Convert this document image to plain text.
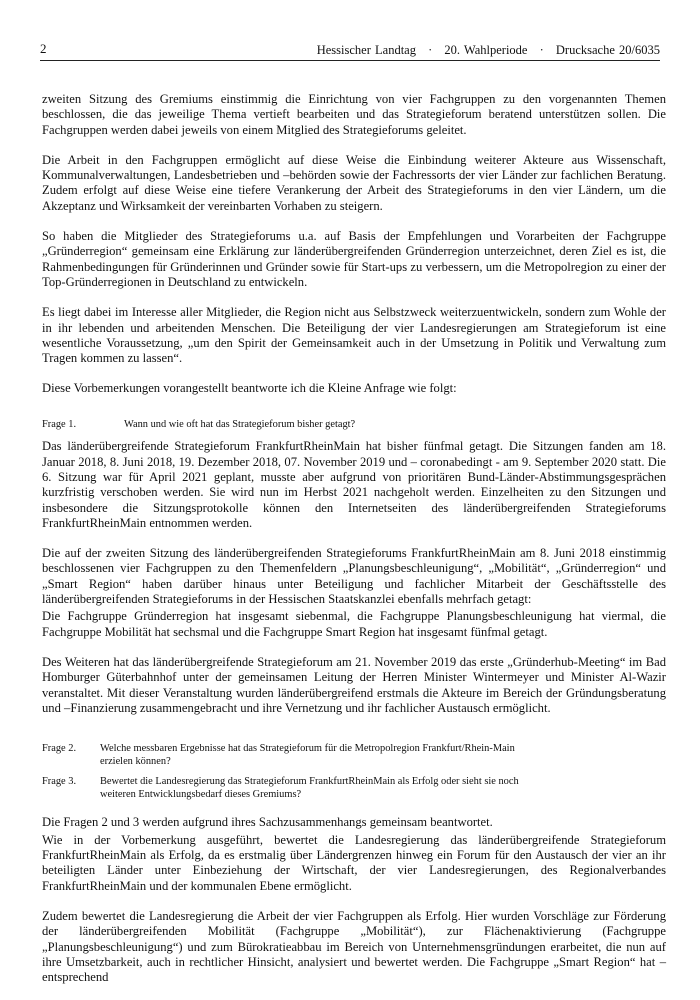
2	Hessischer Landtag · 20. Wahlperiode · Drucksache 20/6035

zweiten Sitzung des Gremiums einstimmig die Einrichtung von vier Fachgruppen zu den vorgenannten Themen beschlossen, die das jeweilige Thema vertieft bearbeiten und das Strategieforum beratend unterstützen sollen. Die Fachgruppen werden dabei jeweils von einem Mitglied des Strategieforums geleitet.

Die Arbeit in den Fachgruppen ermöglicht auf diese Weise die Einbindung weiterer Akteure aus Wissenschaft, Kommunalverwaltungen, Landesbetrieben und –behörden sowie der Fachressorts der vier Länder zur fachlichen Beratung. Zudem erfolgt auf diese Weise eine tiefere Verankerung der Arbeit des Strategieforums in den vier Ländern, um die Akzeptanz und Wirksamkeit der vereinbarten Vorhaben zu steigern.

So haben die Mitglieder des Strategieforums u.a. auf Basis der Empfehlungen und Vorarbeiten der Fachgruppe „Gründerregion“ gemeinsam eine Erklärung zur länderübergreifenden Gründerregion unterzeichnet, deren Ziel es ist, die Rahmenbedingungen für Gründerinnen und Gründer sowie für Start-ups zu verbessern, um die Metropolregion zu einer der Top-Gründerregionen in Deutschland zu entwickeln.

Es liegt dabei im Interesse aller Mitglieder, die Region nicht aus Selbstzweck weiterzuentwickeln, sondern zum Wohle der in ihr lebenden und arbeitenden Menschen. Die Beteiligung der vier Landesregierungen am Strategieforum ist eine wesentliche Voraussetzung, „um den Spirit der Gemeinsamkeit auch in der Umsetzung in Politik und Verwaltung zum Tragen kommen zu lassen“.

Diese Vorbemerkungen vorangestellt beantworte ich die Kleine Anfrage wie folgt:

Frage 1.	Wann und wie oft hat das Strategieforum bisher getagt?

Das länderübergreifende Strategieforum FrankfurtRheinMain hat bisher fünfmal getagt. Die Sitzungen fanden am 18. Januar 2018, 8. Juni 2018, 19. Dezember 2018, 07. November 2019 und – coronabedingt - am 9. September 2020 statt. Die 6. Sitzung war für April 2021 geplant, musste aber aufgrund von prioritären Bund-Länder-Abstimmungsgesprächen kurzfristig verschoben werden. Sie wird nun im Herbst 2021 nachgeholt werden. Einzelheiten zu den Sitzungen und insbesondere die Sitzungsprotokolle können den Internetseiten des länderübergreifenden Strategieforums FrankfurtRheinMain entnommen werden.

Die auf der zweiten Sitzung des länderübergreifenden Strategieforums FrankfurtRheinMain am 8. Juni 2018 einstimmig beschlossenen vier Fachgruppen zu den Themenfeldern „Planungsbeschleunigung“, „Mobilität“, „Gründerregion“ und „Smart Region“ haben darüber hinaus unter Beteiligung und fachlicher Mitarbeit der Geschäftsstelle des länderübergreifenden Strategieforums in der Hessischen Staatskanzlei ebenfalls mehrfach getagt:

Die Fachgruppe Gründerregion hat insgesamt siebenmal, die Fachgruppe Planungsbeschleunigung hat viermal, die Fachgruppe Mobilität hat sechsmal und die Fachgruppe Smart Region hat insgesamt fünfmal getagt.

Des Weiteren hat das länderübergreifende Strategieforum am 21. November 2019 das erste „Gründerhub-Meeting“ im Bad Homburger Güterbahnhof unter der gemeinsamen Leitung der Herren Minister Wintermeyer und Minister Al-Wazir veranstaltet. Mit dieser Veranstaltung wurden länderübergreifend erstmals die Akteure im Bereich der Gründungsberatung und –Finanzierung zusammengebracht und ihre Vernetzung und ihr fachlicher Austausch ermöglicht.

Frage 2.	Welche messbaren Ergebnisse hat das Strategieforum für die Metropolregion Frankfurt/Rhein-Main erzielen können?
Frage 3.	Bewertet die Landesregierung das Strategieforum FrankfurtRheinMain als Erfolg oder sieht sie noch weiteren Entwicklungsbedarf dieses Gremiums?

Die Fragen 2 und 3 werden aufgrund ihres Sachzusammenhangs gemeinsam beantwortet.

Wie in der Vorbemerkung ausgeführt, bewertet die Landesregierung das länderübergreifende Strategieforum FrankfurtRheinMain als Erfolg, da es erstmalig über Ländergrenzen hinweg ein Forum für den Austausch der vier an ihr beteiligten Länder unter Einbeziehung der Wirtschaft, der vier Landesregierungen, des Regionalverbandes FrankfurtRheinMain und der kommunalen Ebene ermöglicht.

Zudem bewertet die Landesregierung die Arbeit der vier Fachgruppen als Erfolg. Hier wurden Vorschläge zur Förderung der länderübergreifenden Mobilität (Fachgruppe „Mobilität“), zur Flächenaktivierung (Fachgruppe „Planungsbeschleunigung“) und zum Bürokratieabbau im Bereich von Unternehmensgründungen erarbeitet, die nun auf ihre Umsetzbarkeit, auch in rechtlicher Hinsicht, analysiert und bewertet werden. Die Fachgruppe „Smart Region“ hat – entsprechend
